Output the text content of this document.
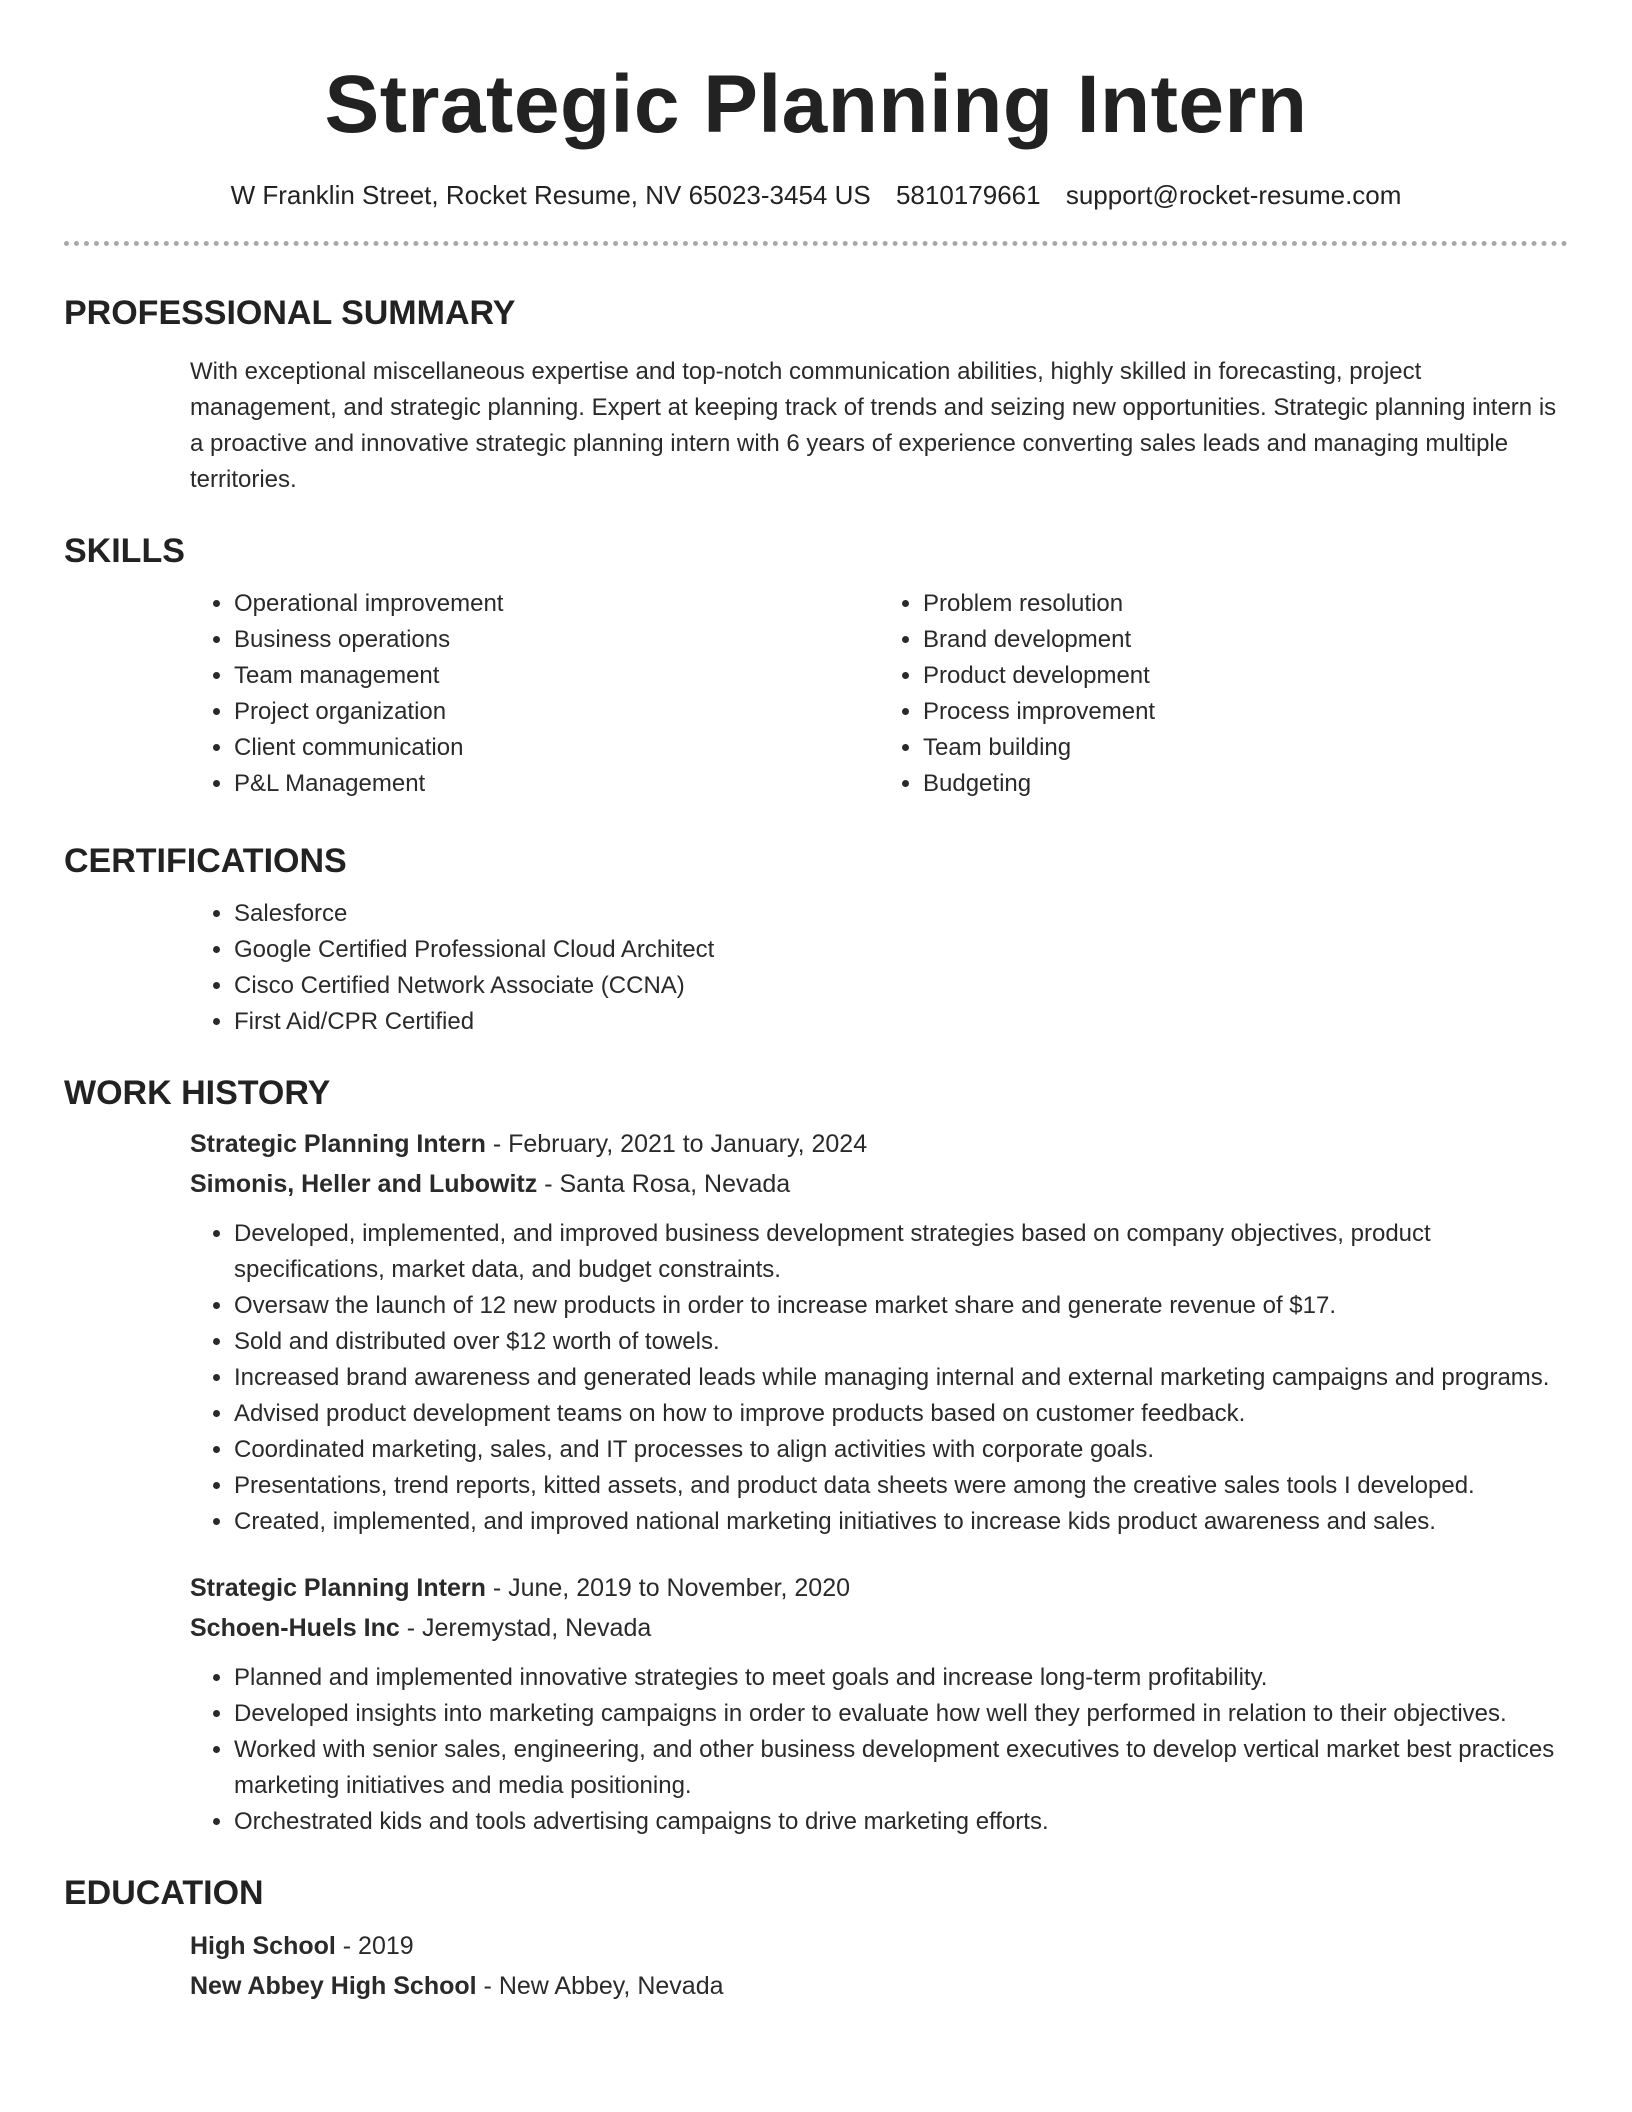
Strategic Planning Intern
W Franklin Street, Rocket Resume, NV 65023-3454 US 5810179661 support@rocket-resume.com
PROFESSIONAL SUMMARY
With exceptional miscellaneous expertise and top-notch communication abilities, highly skilled in forecasting, project management, and strategic planning. Expert at keeping track of trends and seizing new opportunities. Strategic planning intern is a proactive and innovative strategic planning intern with 6 years of experience converting sales leads and managing multiple territories.
SKILLS
• Operational improvement
• Business operations
• Team management
• Project organization
• Client communication
• P&L Management
• Problem resolution
• Brand development
• Product development
• Process improvement
• Team building
• Budgeting
CERTIFICATIONS
• Salesforce
• Google Certified Professional Cloud Architect
• Cisco Certified Network Associate (CCNA)
• First Aid/CPR Certified
WORK HISTORY
Strategic Planning Intern - February, 2021 to January, 2024
Simonis, Heller and Lubowitz - Santa Rosa, Nevada
• Developed, implemented, and improved business development strategies based on company objectives, product specifications, market data, and budget constraints.
• Oversaw the launch of 12 new products in order to increase market share and generate revenue of $17.
• Sold and distributed over $12 worth of towels.
• Increased brand awareness and generated leads while managing internal and external marketing campaigns and programs.
• Advised product development teams on how to improve products based on customer feedback.
• Coordinated marketing, sales, and IT processes to align activities with corporate goals.
• Presentations, trend reports, kitted assets, and product data sheets were among the creative sales tools I developed.
• Created, implemented, and improved national marketing initiatives to increase kids product awareness and sales.
Strategic Planning Intern - June, 2019 to November, 2020
Schoen-Huels Inc - Jeremystad, Nevada
• Planned and implemented innovative strategies to meet goals and increase long-term profitability.
• Developed insights into marketing campaigns in order to evaluate how well they performed in relation to their objectives.
• Worked with senior sales, engineering, and other business development executives to develop vertical market best practices marketing initiatives and media positioning.
• Orchestrated kids and tools advertising campaigns to drive marketing efforts.
EDUCATION
High School - 2019
New Abbey High School - New Abbey, Nevada
